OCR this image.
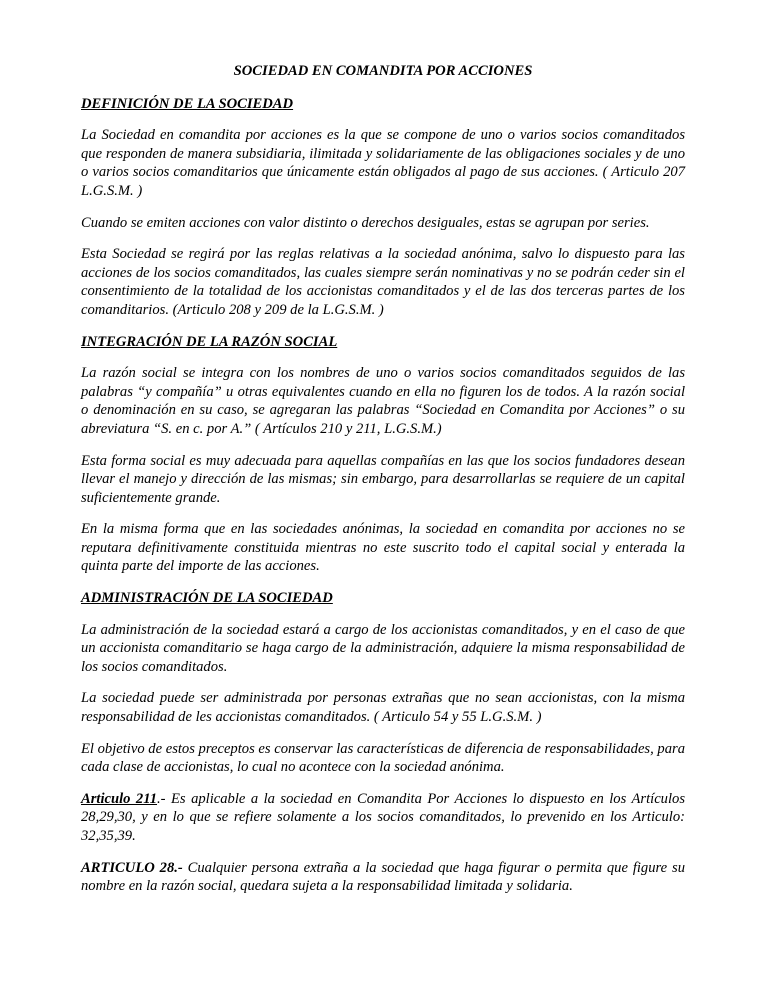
SOCIEDAD EN COMANDITA POR ACCIONES
DEFINICIÓN DE LA SOCIEDAD

La Sociedad en comandita por acciones es la que se compone de uno o varios socios comanditados que responden de manera subsidiaria, ilimitada y solidariamente de las obligaciones sociales y de uno o varios socios comanditarios que únicamente están obligados al pago de sus acciones. ( Articulo 207 L.G.S.M. )

Cuando se emiten acciones con valor distinto o derechos desiguales, estas se agrupan por series.

Esta Sociedad se regirá por las reglas relativas a la sociedad anónima, salvo lo dispuesto para las acciones de los socios comanditados, las cuales siempre serán nominativas y no se podrán ceder sin el consentimiento de la totalidad de los accionistas comanditados y el de las dos terceras partes de los comanditarios. (Articulo 208 y 209 de la L.G.S.M. )

INTEGRACIÓN DE LA RAZÓN SOCIAL

La razón social se integra con los nombres de uno o varios socios comanditados seguidos de las palabras “y compañía” u otras equivalentes cuando en ella no figuren los de todos. A la razón social o denominación en su caso, se agregaran las palabras “Sociedad en Comandita por Acciones” o su abreviatura “S. en c. por A.” ( Artículos 210 y 211, L.G.S.M.)

Esta forma social es muy adecuada para aquellas compañías en las que los socios fundadores desean llevar el manejo y dirección de las mismas; sin embargo, para desarrollarlas se requiere de un capital suficientemente grande.

En la misma forma que en las sociedades anónimas, la sociedad en comandita por acciones no se reputara definitivamente constituida mientras no este suscrito todo el capital social y enterada la quinta parte del importe de las acciones.

ADMINISTRACIÓN DE LA SOCIEDAD

La administración de la sociedad estará a cargo de los accionistas comanditados, y en el caso de que un accionista comanditario se haga cargo de la administración, adquiere la misma responsabilidad de los socios comanditados.

La sociedad puede ser administrada por personas extrañas que no sean accionistas, con la misma responsabilidad de les accionistas comanditados. ( Articulo 54 y 55 L.G.S.M. )

El objetivo de estos preceptos es conservar las características de diferencia de responsabilidades, para cada clase de accionistas, lo cual no acontece con la sociedad anónima.

Articulo 211.- Es aplicable a la sociedad en Comandita Por Acciones lo dispuesto en los Artículos 28,29,30, y en lo que se refiere solamente a los socios comanditados, lo prevenido en los Articulo: 32,35,39.

ARTICULO 28.- Cualquier persona extraña a la sociedad que haga figurar o permita que figure su nombre en la razón social, quedara sujeta a la responsabilidad limitada y solidaria.
